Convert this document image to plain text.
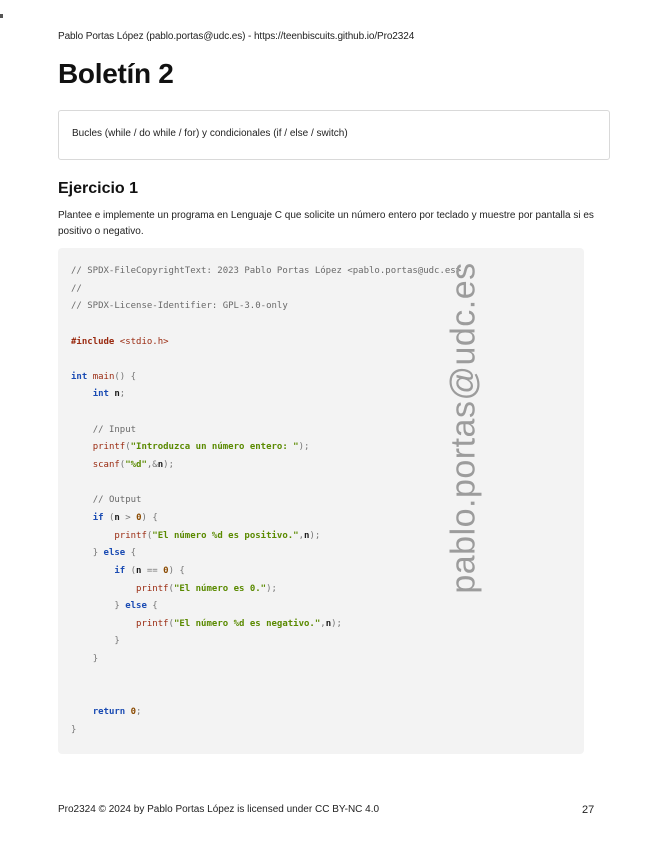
Pablo Portas López (pablo.portas@udc.es) - https://teenbiscuits.github.io/Pro2324
Boletín 2
Bucles (while / do while / for) y condicionales (if / else / switch)
Ejercicio 1

Plantee e implemente un programa en Lenguaje C que solicite un número entero por teclado y muestre por pantalla si es positivo o negativo.

// SPDX-FileCopyrightText: 2023 Pablo Portas López <pablo.portas@udc.es>
//
// SPDX-License-Identifier: GPL-3.0-only

#include <stdio.h>

int main() {
int n;

// Input
printf("Introduzca un número entero: ");
scanf("%d",&n);

// Output
if (n > 0) {
printf("El número %d es positivo.",n);
} else {
if (n == 0) {
printf("El número es 0.");
} else {
printf("El número %d es negativo.",n);
}
}

return 0;
}
pablo.portas@udc.es
Pro2324 © 2024 by Pablo Portas López is licensed under CC BY-NC 4.0	27
